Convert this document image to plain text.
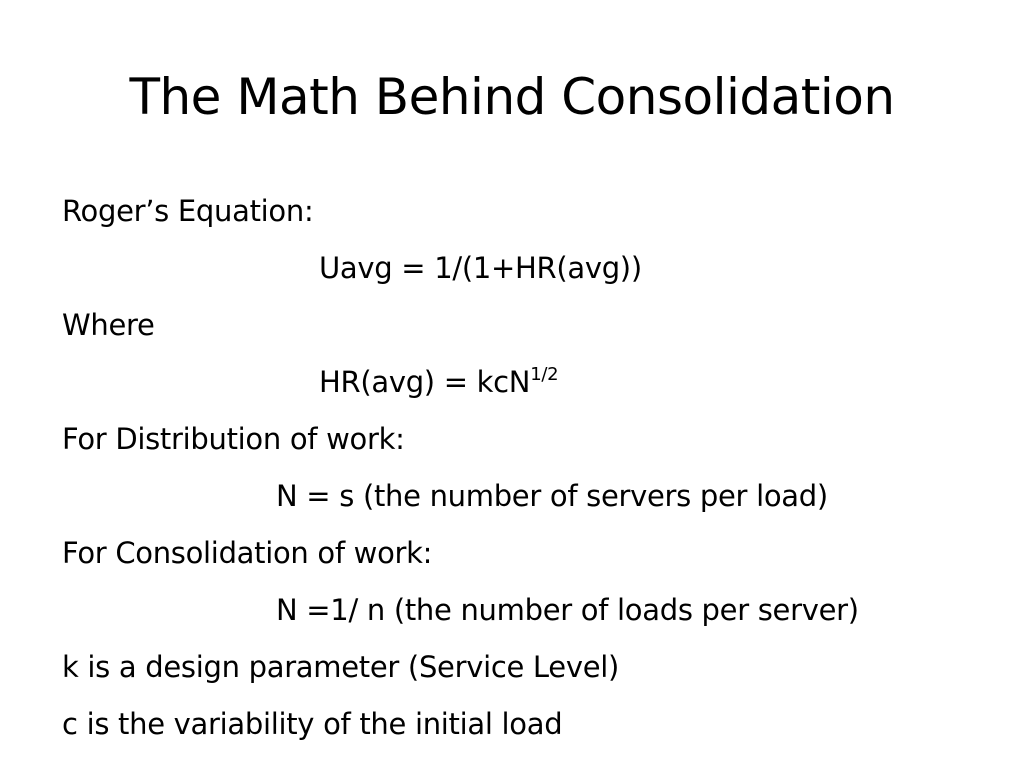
The Math Behind Consolidation
Roger’s Equation:
Uavg = 1/(1+HR(avg))
Where
HR(avg) = kcN$^{1/2}$
For Distribution of work:
N = s (the number of servers per load)
For Consolidation of work:
N =1/ n (the number of loads per server)
k is a design parameter (Service Level)
c is the variability of the initial load
